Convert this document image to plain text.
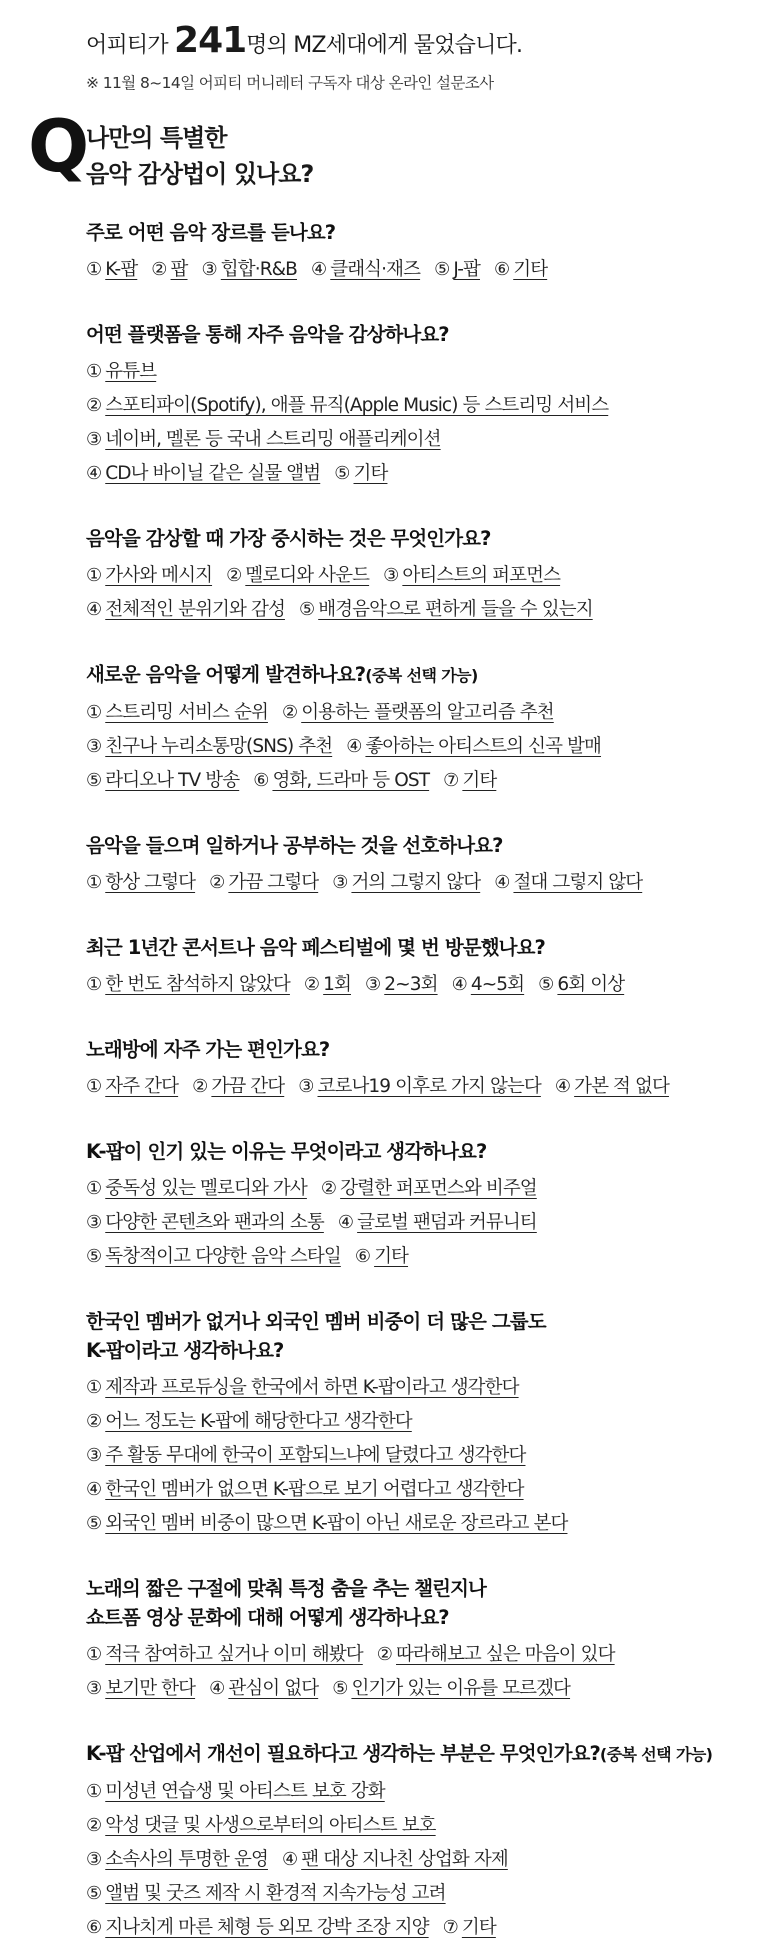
어피티가 241명의 MZ세대에게 물었습니다.
※ 11월 8~14일 어피티 머니레터 구독자 대상 온라인 설문조사
Q
나만의 특별한
음악 감상법이 있나요?
주로 어떤 음악 장르를 듣나요?
① K-팝 ② 팝 ③ 힙합·R&B ④ 클래식·재즈 ⑤ J-팝 ⑥ 기타
어떤 플랫폼을 통해 자주 음악을 감상하나요?
① 유튜브
② 스포티파이(Spotify), 애플 뮤직(Apple Music) 등 스트리밍 서비스
③ 네이버, 멜론 등 국내 스트리밍 애플리케이션
④ CD나 바이닐 같은 실물 앨범 ⑤ 기타
음악을 감상할 때 가장 중시하는 것은 무엇인가요?
① 가사와 메시지 ② 멜로디와 사운드 ③ 아티스트의 퍼포먼스
④ 전체적인 분위기와 감성 ⑤ 배경음악으로 편하게 들을 수 있는지
새로운 음악을 어떻게 발견하나요?(중복 선택 가능)
① 스트리밍 서비스 순위 ② 이용하는 플랫폼의 알고리즘 추천
③ 친구나 누리소통망(SNS) 추천 ④ 좋아하는 아티스트의 신곡 발매
⑤ 라디오나 TV 방송 ⑥ 영화, 드라마 등 OST ⑦ 기타
음악을 들으며 일하거나 공부하는 것을 선호하나요?
① 항상 그렇다 ② 가끔 그렇다 ③ 거의 그렇지 않다 ④ 절대 그렇지 않다
최근 1년간 콘서트나 음악 페스티벌에 몇 번 방문했나요?
① 한 번도 참석하지 않았다 ② 1회 ③ 2~3회 ④ 4~5회 ⑤ 6회 이상
노래방에 자주 가는 편인가요?
① 자주 간다 ② 가끔 간다 ③ 코로나19 이후로 가지 않는다 ④ 가본 적 없다
K-팝이 인기 있는 이유는 무엇이라고 생각하나요?
① 중독성 있는 멜로디와 가사 ② 강렬한 퍼포먼스와 비주얼
③ 다양한 콘텐츠와 팬과의 소통 ④ 글로벌 팬덤과 커뮤니티
⑤ 독창적이고 다양한 음악 스타일 ⑥ 기타
한국인 멤버가 없거나 외국인 멤버 비중이 더 많은 그룹도
K-팝이라고 생각하나요?
① 제작과 프로듀싱을 한국에서 하면 K-팝이라고 생각한다
② 어느 정도는 K-팝에 해당한다고 생각한다
③ 주 활동 무대에 한국이 포함되느냐에 달렸다고 생각한다
④ 한국인 멤버가 없으면 K-팝으로 보기 어렵다고 생각한다
⑤ 외국인 멤버 비중이 많으면 K-팝이 아닌 새로운 장르라고 본다
노래의 짧은 구절에 맞춰 특정 춤을 추는 챌린지나
쇼트폼 영상 문화에 대해 어떻게 생각하나요?
① 적극 참여하고 싶거나 이미 해봤다 ② 따라해보고 싶은 마음이 있다
③ 보기만 한다 ④ 관심이 없다 ⑤ 인기가 있는 이유를 모르겠다
K-팝 산업에서 개선이 필요하다고 생각하는 부분은 무엇인가요?(중복 선택 가능)
① 미성년 연습생 및 아티스트 보호 강화
② 악성 댓글 및 사생으로부터의 아티스트 보호
③ 소속사의 투명한 운영 ④ 팬 대상 지나친 상업화 자제
⑤ 앨범 및 굿즈 제작 시 환경적 지속가능성 고려
⑥ 지나치게 마른 체형 등 외모 강박 조장 지양 ⑦ 기타
